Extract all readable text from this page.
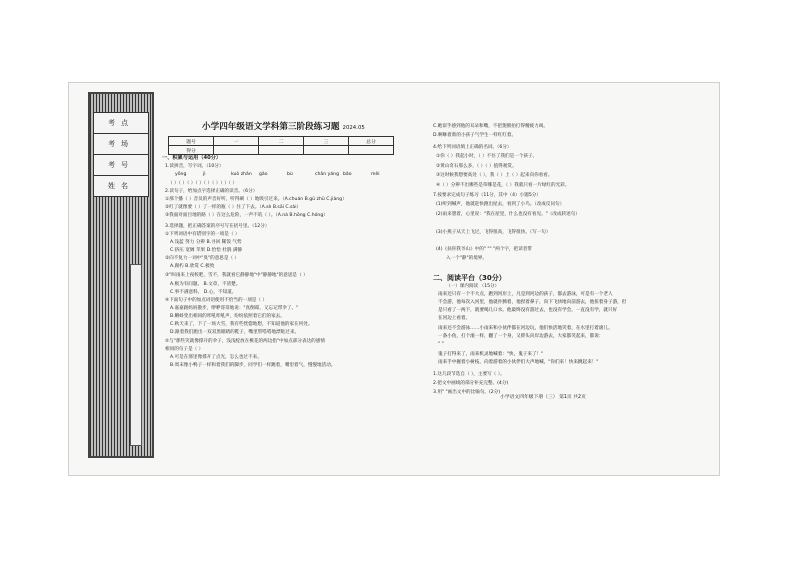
考点
考场
考号
姓名
小学四年级语文学科第三阶段练习题 2024.05
题号	一	二	三	总分
得分				
一、积累与运用（40分）
1.读拼音，写字词。（10分）
yǒng	jì	kuò zhǎn gǎo	bù	chǎn yáng bǎo	mèi
（ ）（ ）（ ）（ ）（ ）（ ）（ ）（ ）
2.读句子，给加点字选择正确的读音。（6分）
①那个播（ ）音员的声音好听，听得刷（ ）地吸引过来。（A.chuán B.gǔ zhǔ C.jiàng）
②红了就像要（ ）了一样的瓶（ ）住了下去。（A.sè B.sāi C.sài）
③我面对面目地的路（ ）在这么危险，一声不吭（ ）。（A.ná B.hōng C.hóng）
3.选择题，把正确答案的序号写在括号里。（12分）
①下列词语中有错别字的一项是（ ）
A.浅蓝 努力 分辨 B.寻回 稀饭 气势
C.挤压 宽阔 苹果 D.恰恰 杜鹃 满静
②向不复力一词中"臭"的意思是（ ）
A.腐朽 B.欣赏 C.极致
③"叫雨来上夜校吧，雪不，我就看它静静地"中"静静地"的意思是（ ）
A.极为有问题。 B.文章，不清楚。
C.事不满意料。 D.心，不知道。
④下面句子中的加点词语使用不恰当的一项是（ ）
A.嘉嘉跟妈妈散步，咿咿哥哥地说："真倒霉，又忘记带伞了。"
B.蝌蚪变出相同的咔吼咔吼声，纷纷依照着它们的家去。
C.秋天来了，下了一场大雪，我有些恍惚地想，不知道他的家在何处。
D.跟着我们跑出一双双黑眼睛的鞋子，嘴里带嗒嗒地漂哒过来。
⑤与"那些笑就像撑开的伞子，浅浅绽放在桃花的两边指"中加点部分表达的感情
相同的句子是（ ）
A.可是在那里像撑开了点光，怎么也过不来。
B.周末像小鸭子一样和着我们的脚步，同学们一样跳着，嘴里着气，慢慢地活动。
C.她似乎感到他的耳朵和嘴，不把翅膀拍打得精疲力竭。
D.啊咻着新的小孩子气学生一样红红着。
4.给下列词语填上正确的名词。（6分）
①你（ ）我起小时，（ ）不住了我们是一个孩子。
②黄山奇石那么多，（ ）（ ）值得观赏。
③这时候我想要高处（ ），我（ ）上（ ）起来向你看看。
④（ ）分辨不出哪些是草哪是花，（ ）我就只看一片绿红的光彩。
7.按要求完成句子练习（11分，其中（4）小题5分）
(1)听到喊声，他就赶快跑出屋去，看到了小鸟。（改成反问句）
(2)雨来想着，心里说："我在屋里，什么也没有看见。"（改成转述句）
(3)小燕子从天上飞过，飞得很高，飞得很快。（写一句）
(4)《扶你我爷山》中的" "" "两个字，把读者带
入一个"静"的境界。
二、阅读平台（30分）
（一）课内阅读 （15分）
雨来还只有一个不大点，跑到河岸上，凡是到河边的孩子，都去游泳，可是有一个老人
不会游，他每次入河里，他就扑腾着，他捏着鼻子，向下飞快地向前游去，他扭着身子游，但
是只看了一两下，就要喝几口水。他最终没有游过去，也没有学会，一直没有学，就只好
在河边上看着。
雨来还不会游泳……小雨来和小伙伴都在河边玩，他们快活地笑着，在水里打着滚儿。
一条小鱼，打个滚一样，翻了一个身，又仰头向岸边游去，大家都笑起来，都说：
" "
鬼子打得来了，雨来机灵地喊着："快，鬼子来了！"
雨来手中握着小树枝，向着游着的小伙伴们大声地喊，"你们来！快来跳起来！"
1.这几段节选自（ ），主要写（ ）。
2.把文中画线的部分补充完整。(4分)
3.用" "画出文中的比喻句。(2分)
小学语文四年级下册（三） 第1页 共2页
